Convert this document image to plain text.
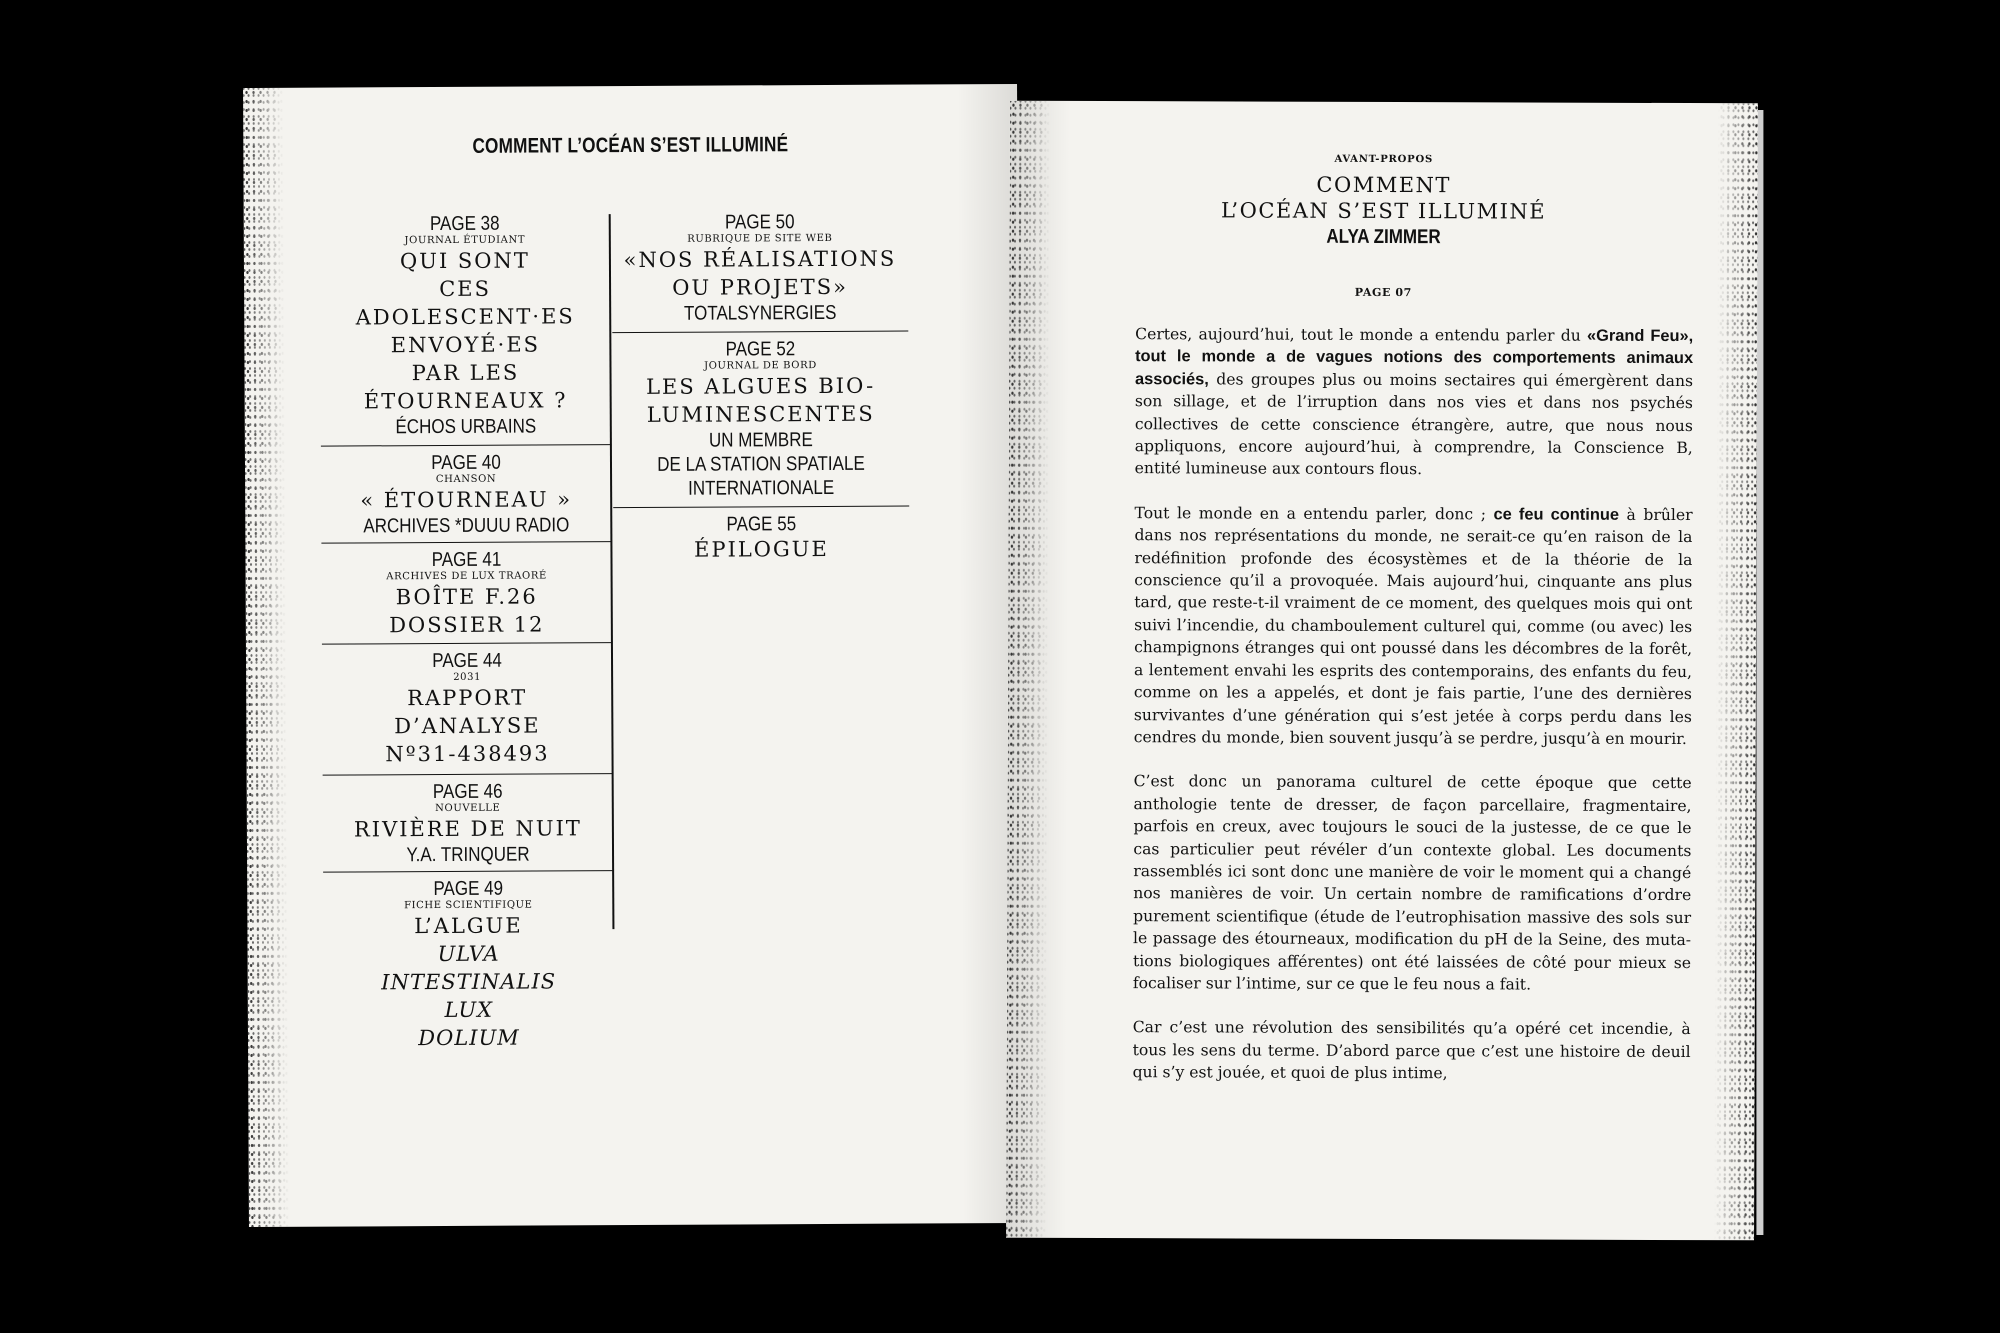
COMMENT L’OCÉAN S’EST ILLUMINÉ
PAGE 38
JOURNAL ÉTUDIANT
QUI SONT
CES
ADOLESCENT·ES
ENVOYÉ·ES
PAR LES
ÉTOURNEAUX ?
ÉCHOS URBAINS
PAGE 40
CHANSON
« ÉTOURNEAU »
ARCHIVES *DUUU RADIO
PAGE 41
ARCHIVES DE LUX TRAORÉ
BOÎTE F.26
DOSSIER 12
PAGE 44
2031
RAPPORT
D’ANALYSE
Nº31-438493
PAGE 46
NOUVELLE
RIVIÈRE DE NUIT
Y.A. TRINQUER
PAGE 49
FICHE SCIENTIFIQUE
L’ALGUE
ULVA
INTESTINALIS
LUX
DOLIUM
PAGE 50
RUBRIQUE DE SITE WEB
«NOS RÉALISATIONS
OU PROJETS»
TOTALSYNERGIES
PAGE 52
JOURNAL DE BORD
LES ALGUES BIO-
LUMINESCENTES
UN MEMBRE
DE LA STATION SPATIALE
INTERNATIONALE
PAGE 55
ÉPILOGUE
AVANT-PROPOS
COMMENT
L’OCÉAN S’EST ILLUMINÉ
ALYA ZIMMER
PAGE 07

Certes, aujourd’hui, tout le monde a entendu parler du «Grand Feu», tout le monde a de vagues notions des comportements animaux associés, des groupes plus ou moins sectaires qui émergèrent dans son sillage, et de l’irruption dans nos vies et dans nos psychés collectives de cette conscience étrangère, autre, que nous nous appliquons, encore aujourd’hui, à comprendre, la Conscience B, entité lumineuse aux contours flous.

Tout le monde en a entendu parler, donc ; ce feu continue à brûler dans nos représentations du monde, ne serait-ce qu’en raison de la redéfinition profonde des écosystèmes et de la théorie de la conscience qu’il a provoquée. Mais aujourd’hui, cinquante ans plus tard, que reste-t-il vraiment de ce moment, des quelques mois qui ont suivi l’incendie, du chamboulement culturel qui, comme (ou avec) les champignons étranges qui ont poussé dans les décombres de la forêt, a lentement envahi les esprits des contemporains, des enfants du feu, comme on les a appelés, et dont je fais partie, l’une des dernières survivantes d’une génération qui s’est jetée à corps perdu dans les cendres du monde, bien souvent jusqu’à se perdre, jusqu’à en mourir.

C’est donc un panorama culturel de cette époque que cette anthologie tente de dresser, de façon parcellaire, fragmentaire, parfois en creux, avec toujours le souci de la justesse, de ce que le cas particulier peut révéler d’un contexte global. Les documents rassemblés ici sont donc une manière de voir le moment qui a changé nos manières de voir. Un certain nombre de ramifications d’ordre purement scientifique (étude de l’eutrophisation massive des sols sur le passage des étourneaux, modification du pH de la Seine, des mutations biologiques afférentes) ont été laissées de côté pour mieux se focaliser sur l’intime, sur ce que le feu nous a fait.

Car c’est une révolution des sensibilités qu’a opéré cet incendie, à tous les sens du terme. D’abord parce que c’est une histoire de deuil qui s’y est jouée, et quoi de plus intime,
